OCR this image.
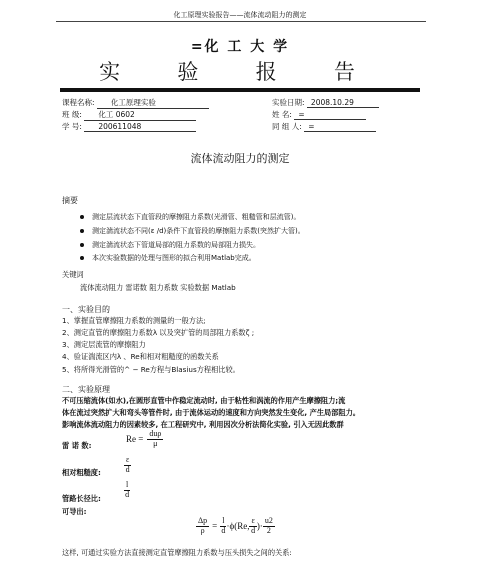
化工原理实验报告——流体流动阻力的测定
=化 工 大 学
实 验 报 告
课程名称: 化工原理实验	实验日期: 2008.10.29
班 级: 化工 0602	姓 名: =
学 号: 200611048	同 组 人: =
流体流动阻力的测定
摘要
测定层流状态下直管段的摩擦阻力系数(光滑管、粗糙管和层流管)。
测定湍流状态不同(ε /d)条件下直管段的摩擦阻力系数(突然扩大管)。
测定湍流状态下管道局部的阻力系数的局部阻力损失。
本次实验数据的处理与图形的拟合利用Matlab完成。
关键词
流体流动阻力 雷诺数 阻力系数 实验数据 Matlab
一、实验目的
1、掌握直管摩擦阻力系数的测量的一般方法;
2、测定直管的摩擦阻力系数λ 以及突扩管的局部阻力系数ζ ;
3、测定层流管的摩擦阻力
4、验证湍流区内λ 、Re和相对粗糙度的函数关系
5、将所得光滑管的^ − Re方程与Blasius方程相比较。
二、实验原理
不可压缩流体(如水),在圆形直管中作稳定流动时, 由于粘性和涡流的作用产生摩擦阻力;流
体在流过突然扩大和弯头等管件时, 由于流体运动的速度和方向突然发生变化, 产生局部阻力。
影响流体流动阻力的因素较多, 在工程研究中, 利用因次分析法简化实验, 引入无因此数群
雷 诺 数:
$Re = \frac{\text{duρ}}{\mu}$
相对粗糙度:	$\frac{\varepsilon}{d}$
管路长径比:	$\frac{l}{d}$
可导出:
$\frac{\Delta p}{\rho} = \frac{l}{d} \cdot\phi(Re$, $\frac{\varepsilon}{d}$ )· $\frac{u2}{2}$
这样, 可通过实验方法直接测定直管摩擦阻力系数与压头损失之间的关系:
